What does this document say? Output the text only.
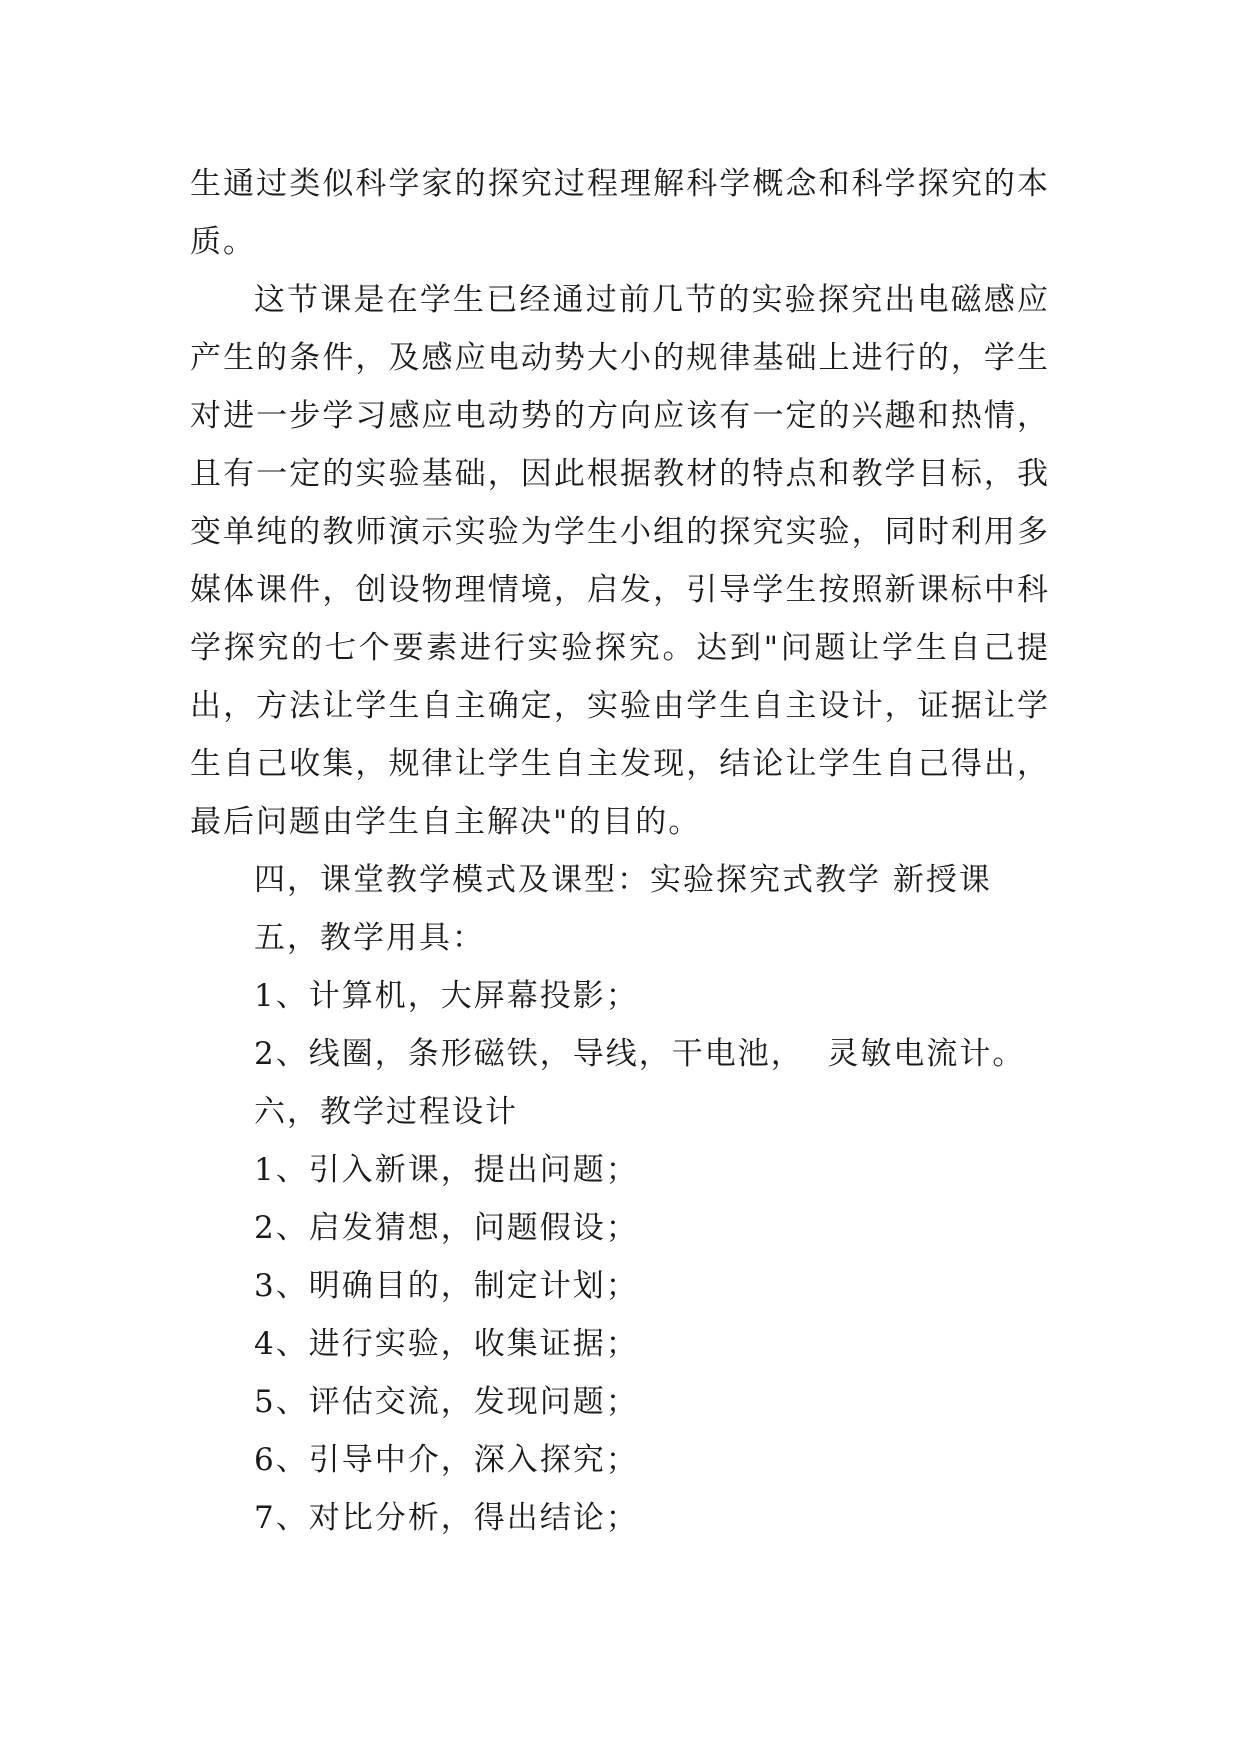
生通过类似科学家的探究过程理解科学概念和科学探究的本质。

这节课是在学生已经通过前几节的实验探究出电磁感应产生的条件，及感应电动势大小的规律基础上进行的，学生对进一步学习感应电动势的方向应该有一定的兴趣和热情，且有一定的实验基础，因此根据教材的特点和教学目标，我变单纯的教师演示实验为学生小组的探究实验，同时利用多媒体课件，创设物理情境，启发，引导学生按照新课标中科学探究的七个要素进行实验探究。达到"问题让学生自己提出，方法让学生自主确定，实验由学生自主设计，证据让学生自己收集，规律让学生自主发现，结论让学生自己得出，最后问题由学生自主解决"的目的。

四，课堂教学模式及课型：实验探究式教学 新授课

五，教学用具：

1、计算机，大屏幕投影；

2、线圈，条形磁铁，导线，干电池，  灵敏电流计。

六，教学过程设计

1、引入新课，提出问题；

2、启发猜想，问题假设；

3、明确目的，制定计划；

4、进行实验，收集证据；

5、评估交流，发现问题；

6、引导中介，深入探究；

7、对比分析，得出结论；
